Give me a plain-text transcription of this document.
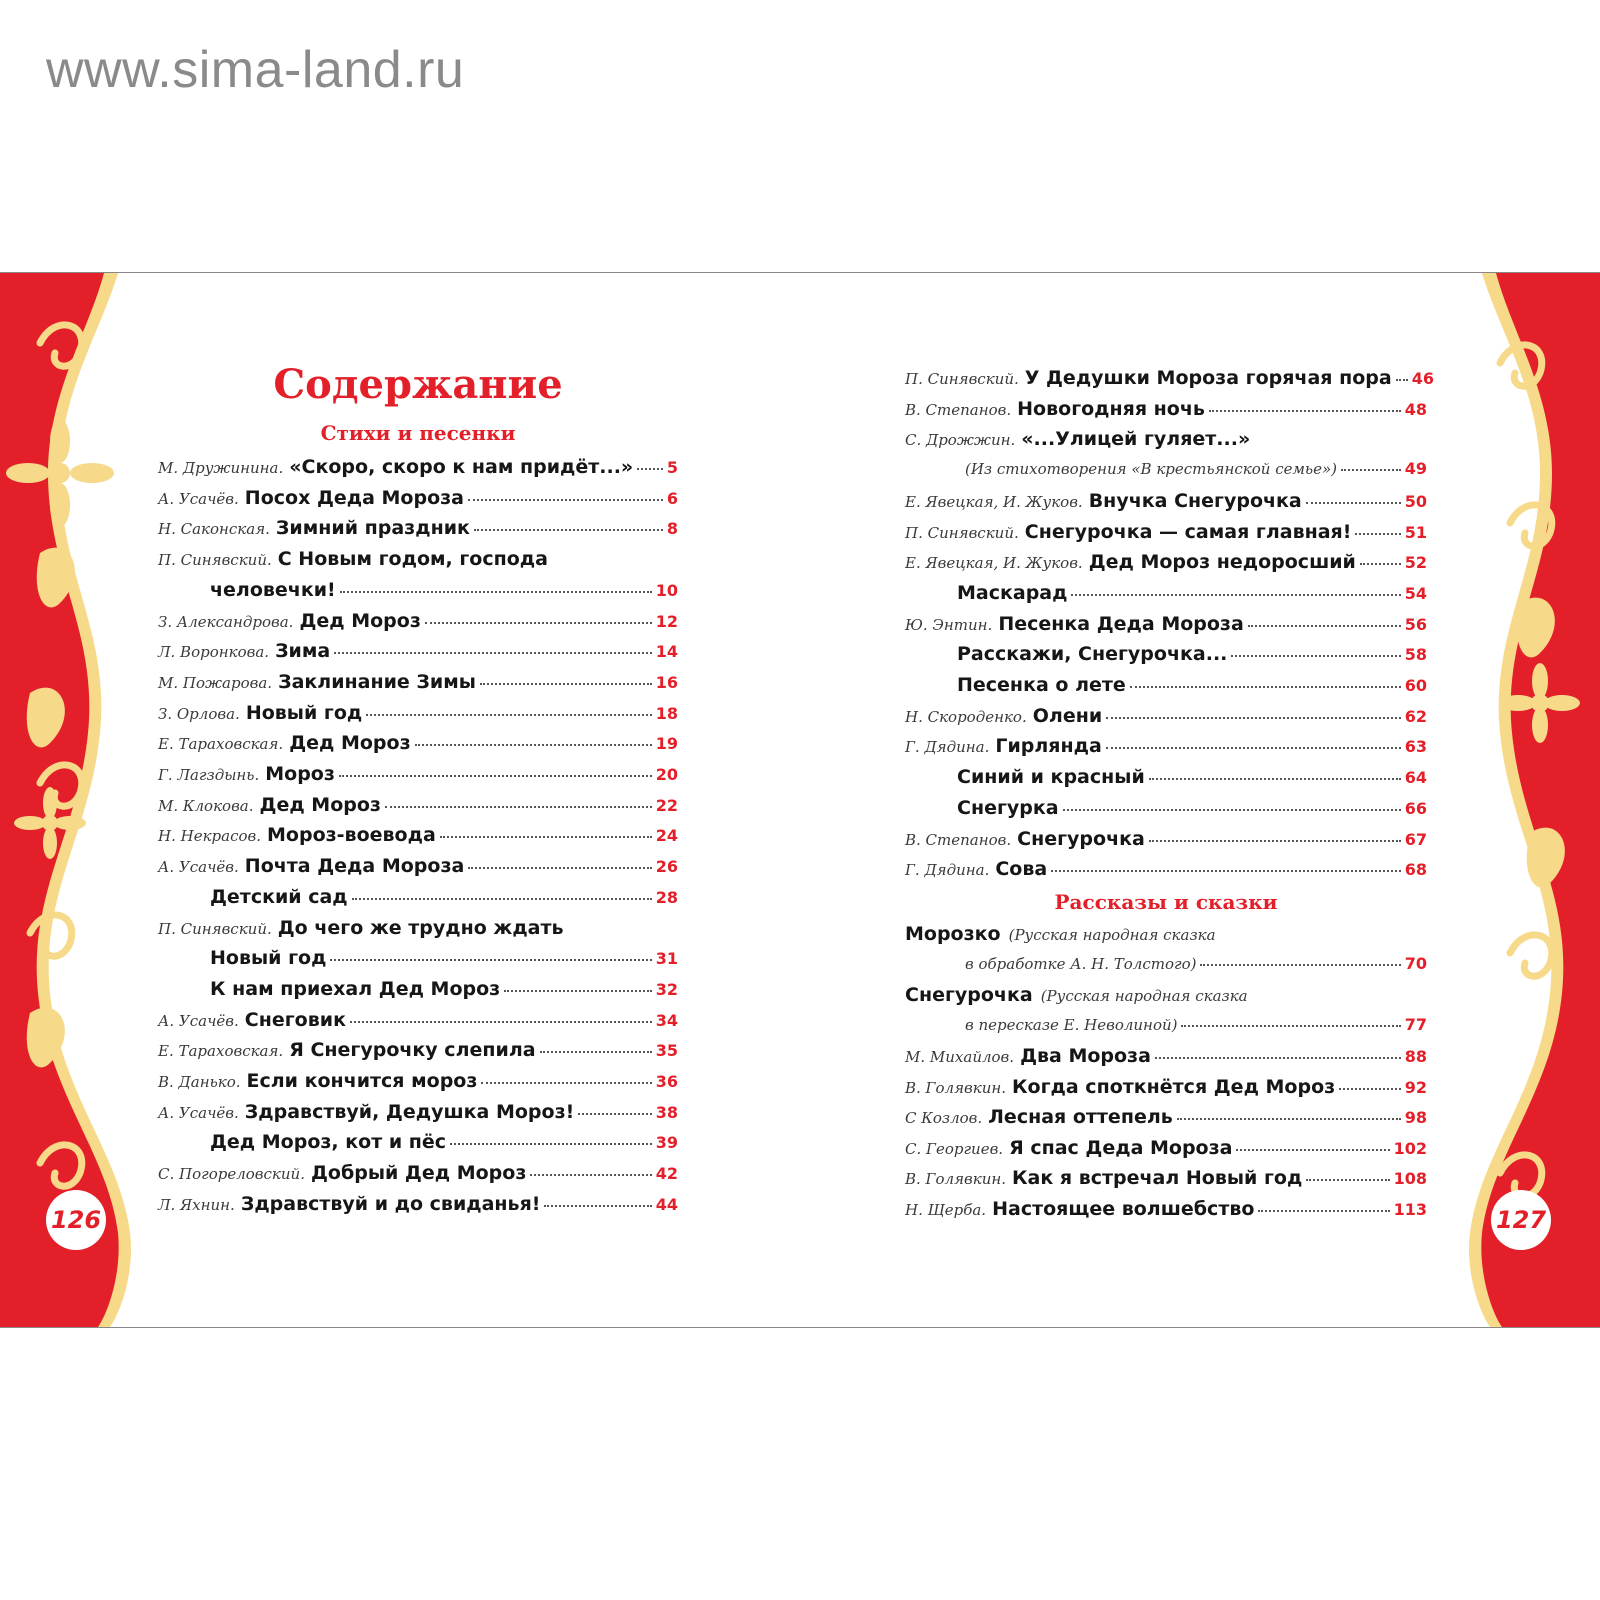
www.sima-land.ru
Содержание
Стихи и песенки
М. Дружинина. «Скоро, скоро к нам придёт...» 5
А. Усачёв. Посох Деда Мороза	6
Н. Саконская. Зимний праздник	8
П. Синявский. С Новым годом, господа
человечки!	10
З. Александрова. Дед Мороз	12
Л. Воронкова. Зима	14
М. Пожарова. Заклинание Зимы	16
З. Орлова. Новый год	18
Е. Тараховская. Дед Мороз	19
Г. Лагздынь. Мороз	20
М. Клокова. Дед Мороз	22
Н. Некрасов. Мороз-воевода	24
А. Усачёв. Почта Деда Мороза	26
Детский сад	28
П. Синявский. До чего же трудно ждать
Новый год	31
К нам приехал Дед Мороз	32
А. Усачёв. Снеговик	34
Е. Тараховская. Я Снегурочку слепила	35
В. Данько. Если кончится мороз	36
А. Усачёв. Здравствуй, Дедушка Мороз!	38
Дед Мороз, кот и пёс	39
С. Погореловский. Добрый Дед Мороз	42
Л. Яхнин. Здравствуй и до свиданья!	44
П. Синявский. У Дедушки Мороза горячая пора 46
В. Степанов. Новогодняя ночь	48
С. Дрожжин. «...Улицей гуляет...»
(Из стихотворения «В крестьянской семье»)	49
Е. Явецкая, И. Жуков. Внучка Снегурочка	50
П. Синявский. Снегурочка — самая главная!	51
Е. Явецкая, И. Жуков. Дед Мороз недоросший	52
Маскарад	54
Ю. Энтин. Песенка Деда Мороза	56
Расскажи, Снегурочка...	58
Песенка о лете	60
Н. Скороденко. Олени	62
Г. Дядина. Гирлянда	63
Синий и красный	64
Снегурка	66
В. Степанов. Снегурочка	67
Г. Дядина. Сова	68
Рассказы и сказки
Морозко (Русская народная сказка
в обработке А. Н. Толстого)	70
Снегурочка (Русская народная сказка
в пересказе Е. Неволиной)	77
М. Михайлов. Два Мороза	88
В. Голявкин. Когда споткнётся Дед Мороз	92
С Козлов. Лесная оттепель	98
С. Георгиев. Я спас Деда Мороза	102
В. Голявкин. Как я встречал Новый год	108
Н. Щерба. Настоящее волшебство	113
126	127
